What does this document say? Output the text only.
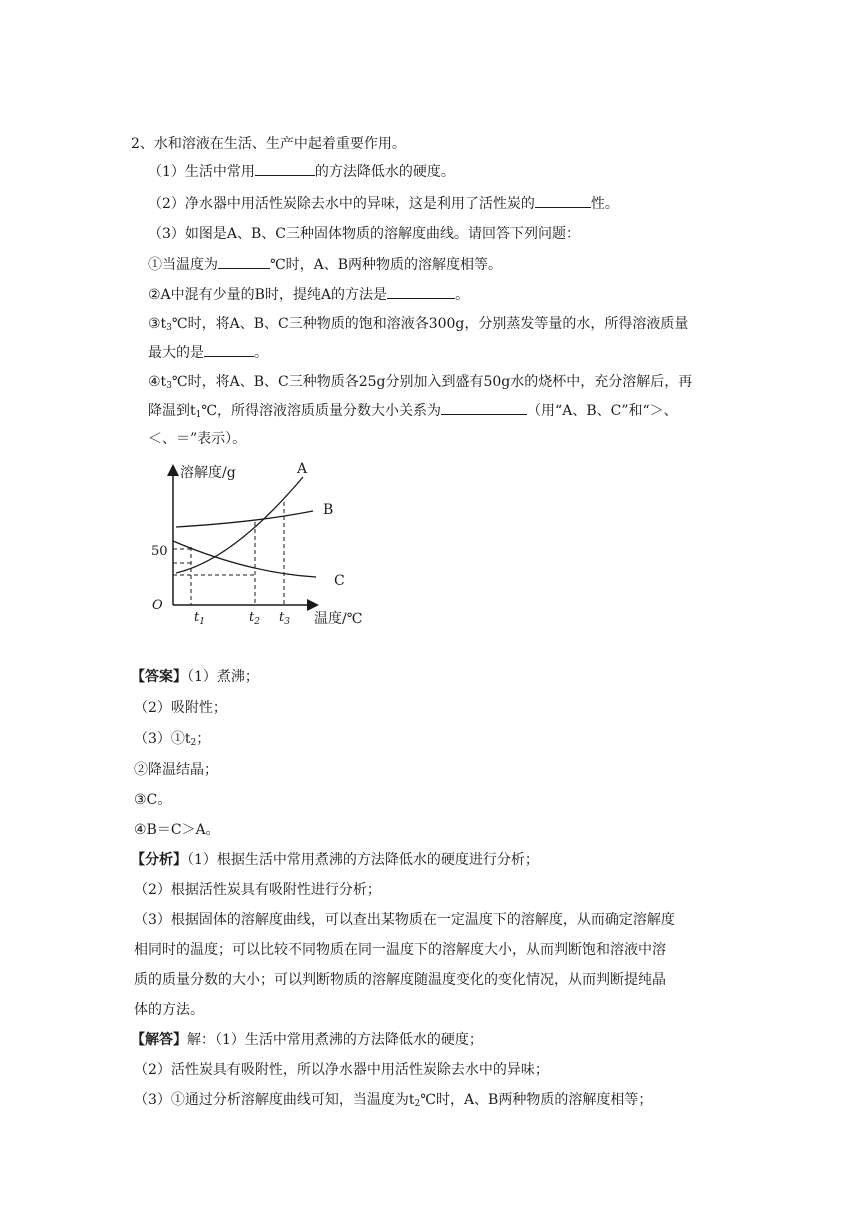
2、水和溶液在生活、生产中起着重要作用。
（1）生活中常用	的方法降低水的硬度。
（2）净水器中用活性炭除去水中的异味，这是利用了活性炭的	性。
（3）如图是A、B、C三种固体物质的溶解度曲线。请回答下列问题：
①当温度为	℃时，A、B两种物质的溶解度相等。
②A中混有少量的B时，提纯A的方法是	。
$③t_3℃$时，将A、B、C三种物质的饱和溶液各300g，分别蒸发等量的水，所得溶液质量
最大的是	。
$④t_3℃$时，将A、B、C三种物质各25g分别加入到盛有50g水的烧杯中，充分溶解后，再
降温到$t_1℃$，所得溶液溶质质量分数大小关系为	（用“A、B、C”和“＞、
＜、＝”表示）。
溶解度/g
温度/℃
O
50
$t_1$	$t_2$ $t_3$
A
B
C
【答案】（1）煮沸；
（2）吸附性；
$(3)①t_2$；
②降温结晶；
③C。
④B＝C＞A。
【分析】（1）根据生活中常用煮沸的方法降低水的硬度进行分析；
（2）根据活性炭具有吸附性进行分析；
（3）根据固体的溶解度曲线，可以查出某物质在一定温度下的溶解度，从而确定溶解度
相同时的温度；可以比较不同物质在同一温度下的溶解度大小，从而判断饱和溶液中溶
质的质量分数的大小；可以判断物质的溶解度随温度变化的变化情况，从而判断提纯晶
体的方法。
【解答】解：（1）生活中常用煮沸的方法降低水的硬度；
（2）活性炭具有吸附性，所以净水器中用活性炭除去水中的异味；
（3）①通过分析溶解度曲线可知，当温度为$t_2℃$时，A、B两种物质的溶解度相等；
